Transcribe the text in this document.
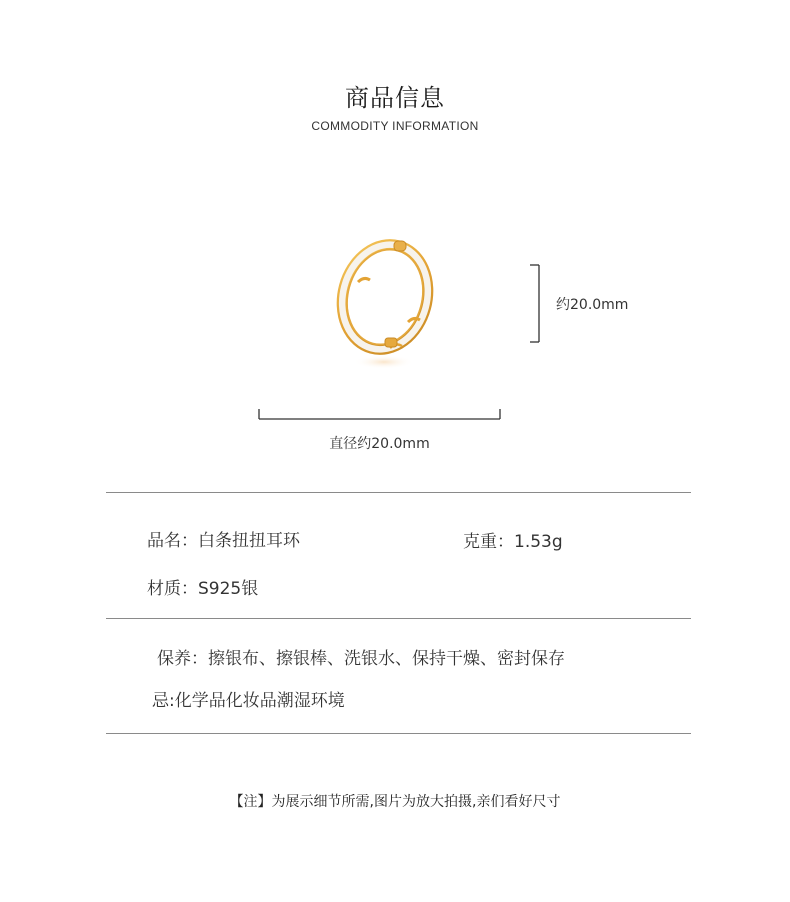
商品信息
COMMODITY INFORMATION
约20.0mm
直径约20.0mm
品名：白条扭扭耳环	克重：1.53g
材质：S925银
保养：擦银布、擦银棒、洗银水、保持干燥、密封保存
忌:化学品化妆品潮湿环境
【注】为展示细节所需,图片为放大拍摄,亲们看好尺寸
